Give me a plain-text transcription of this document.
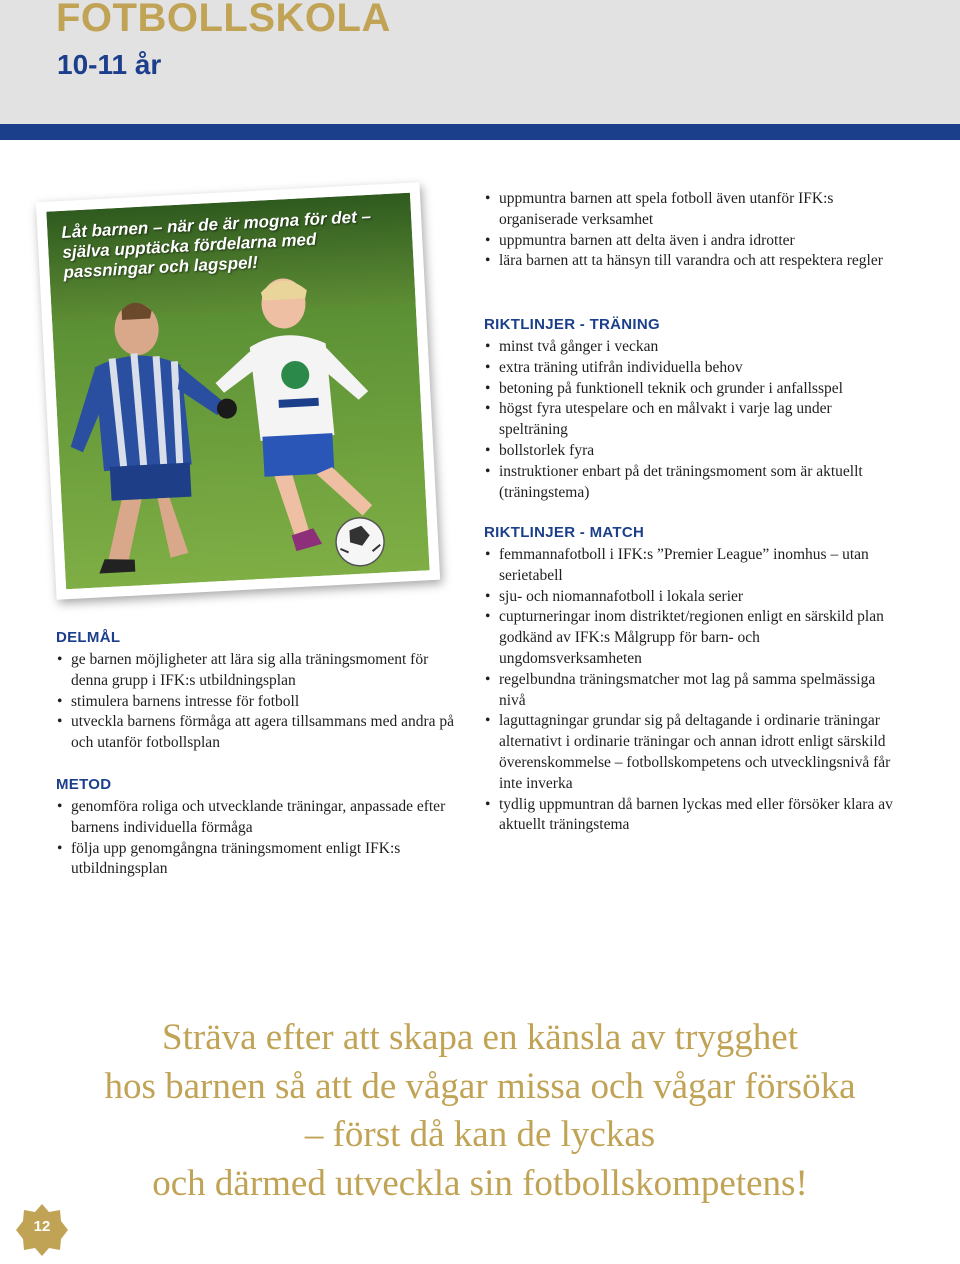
FOTBOLLSKOLA
10-11 år
Låt barnen – när de är mogna för det – själva upptäcka fördelarna med passningar och lagspel!
DELMÅL
• ge barnen möjligheter att lära sig alla träningsmoment för denna grupp i IFK:s utbildningsplan
• stimulera barnens intresse för fotboll
• utveckla barnens förmåga att agera tillsammans med andra på och utanför fotbollsplan
METOD
• genomföra roliga och utvecklande träningar, anpassade efter barnens individuella förmåga
• följa upp genomgångna träningsmoment enligt IFK:s utbildningsplan
• uppmuntra barnen att spela fotboll även utanför IFK:s organiserade verksamhet
• uppmuntra barnen att delta även i andra idrotter
• lära barnen att ta hänsyn till varandra och att respektera regler
RIKTLINJER - TRÄNING
• minst två gånger i veckan
• extra träning utifrån individuella behov
• betoning på funktionell teknik och grunder i anfallsspel
• högst fyra utespelare och en målvakt i varje lag under spelträning
• bollstorlek fyra
• instruktioner enbart på det träningsmoment som är aktuellt (träningstema)
RIKTLINJER - MATCH
• femmannafotboll i IFK:s ”Premier League” inomhus – utan serietabell
• sju- och niomannafotboll i lokala serier
• cupturneringar inom distriktet/regionen enligt en särskild plan godkänd av IFK:s Målgrupp för barn- och ungdomsverksamheten
• regelbundna träningsmatcher mot lag på samma spelmässiga nivå
• laguttagningar grundar sig på deltagande i ordinarie träningar alternativt i ordinarie träningar och annan idrott enligt särskild överenskommelse – fotbollskompetens och utvecklingsnivå får inte inverka
• tydlig uppmuntran då barnen lyckas med eller försöker klara av aktuellt träningstema
Sträva efter att skapa en känsla av trygghet
hos barnen så att de vågar missa och vågar försöka
– först då kan de lyckas
och därmed utveckla sin fotbollskompetens!
12
